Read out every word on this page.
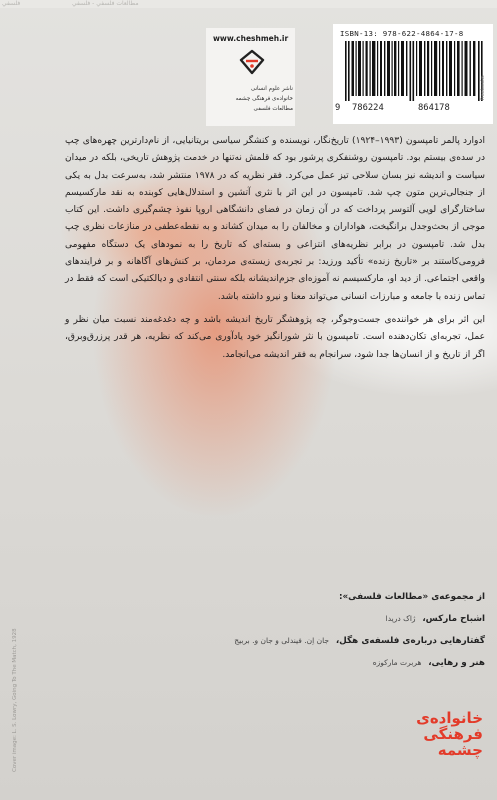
فلسفي	مطالعات فلسفي - فلسفي
www.cheshmeh.ir
ناشر علوم انسانی
خانواده‌ی فرهنگی چشمه
مطالعات فلسفی
ISBN-13: 978-622-4864-17-8
9 786224	864178
freebooks

ادوارد پالمر تامپسون (۱۹۹۳–۱۹۲۴) تاریخ‌نگار، نویسنده و کنشگر سیاسی بریتانیایی، از نام‌دارترین چهره‌های چپ در سده‌ی بیستم بود. تامپسون روشنفکری پرشور بود که قلمش نه‌تنها در خدمت پژوهش تاریخی، بلکه در میدان سیاست و اندیشه نیز بسان سلاحی تیز عمل می‌کرد. فقر نظریه که در ۱۹۷۸ منتشر شد، به‌سرعت بدل به یکی از جنجالی‌ترین متون چپ شد. تامپسون در این اثر با نثری آتشین و استدلال‌هایی کوبنده به نقد مارکسیسم ساختارگرای لویی آلتوسر پرداخت که در آن زمان در فضای دانشگاهی اروپا نفوذ چشم‌گیری داشت. این کتاب موجی از بحث‌وجدل برانگیخت، هواداران و مخالفان را به میدان کشاند و به نقطه‌عطفی در منازعات نظری چپ بدل شد. تامپسون در برابر نظریه‌های انتزاعی و بسته‌ای که تاریخ را به نمودهای یک دستگاه مفهومی فرومی‌کاستند بر «تاریخ زنده» تأکید ورزید: بر تجربه‌ی زیسته‌ی مردمان، بر کنش‌های آگاهانه و بر فرایندهای واقعی اجتماعی. از دید او، مارکسیسم نه آموزه‌ای جزم‌اندیشانه بلکه سنتی انتقادی و دیالکتیکی است که فقط در تماس زنده با جامعه و مبارزات انسانی می‌تواند معنا و نیرو داشته باشد.

این اثر برای هر خواننده‌ی جست‌وجوگر، چه پژوهشگر تاریخ اندیشه باشد و چه دغدغه‌مند نسبت میان نظر و عمل، تجربه‌ای تکان‌دهنده است. تامپسون با نثر شورانگیز خود یادآوری می‌کند که نظریه، هر قدر پرزرق‌وبرق، اگر از تاریخ و از انسان‌ها جدا شود، سرانجام به فقر اندیشه می‌انجامد.

از مجموعه‌ی «مطالعات فلسفی»:
اشباح مارکس، ژاک دریدا
گفتارهایی درباره‌ی فلسفه‌ی هگل، جان اِن. فیندلی و جان و. بربیج
هنر و رهایی، هربرت مارکوزه
Cover image: L. S. Lowry, Going To The Match, 1928	خانواده‌ی
فرهنگی
چشمه
